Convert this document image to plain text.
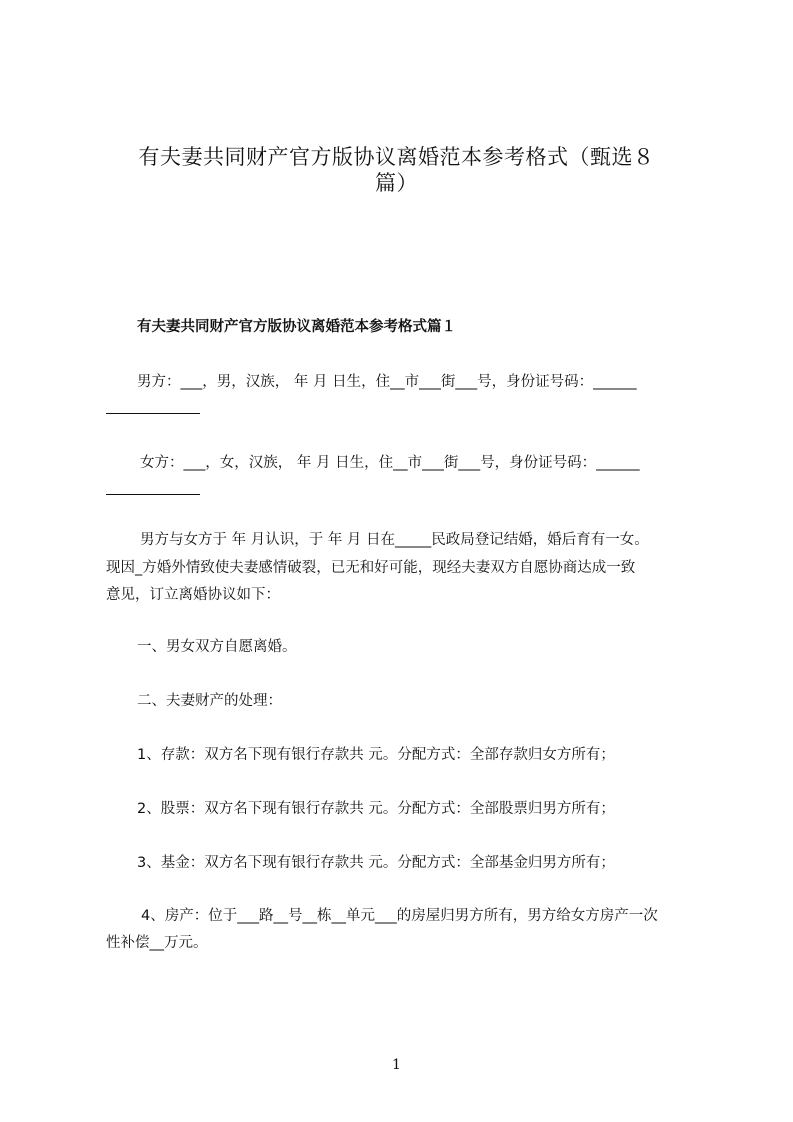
有夫妻共同财产官方版协议离婚范本参考格式（甄选８
篇）
有夫妻共同财产官方版协议离婚范本参考格式篇１
男方：___，男，汉族， 年 月 日生，住__市___街___号，身份证号码：______
女方：___，女，汉族， 年 月 日生，住__市___街___号，身份证号码：______
男方与女方于 年 月认识，于 年 月 日在_____民政局登记结婚，婚后育有一女。
现因_方婚外情致使夫妻感情破裂，已无和好可能，现经夫妻双方自愿协商达成一致
意见，订立离婚协议如下：
一、男女双方自愿离婚。
二、夫妻财产的处理：
1、存款：双方名下现有银行存款共 元。分配方式：全部存款归女方所有；
2、股票：双方名下现有银行存款共 元。分配方式：全部股票归男方所有；
3、基金：双方名下现有银行存款共 元。分配方式：全部基金归男方所有；
4、房产：位于___路__号__栋__单元___的房屋归男方所有，男方给女方房产一次
性补偿__万元。
1
